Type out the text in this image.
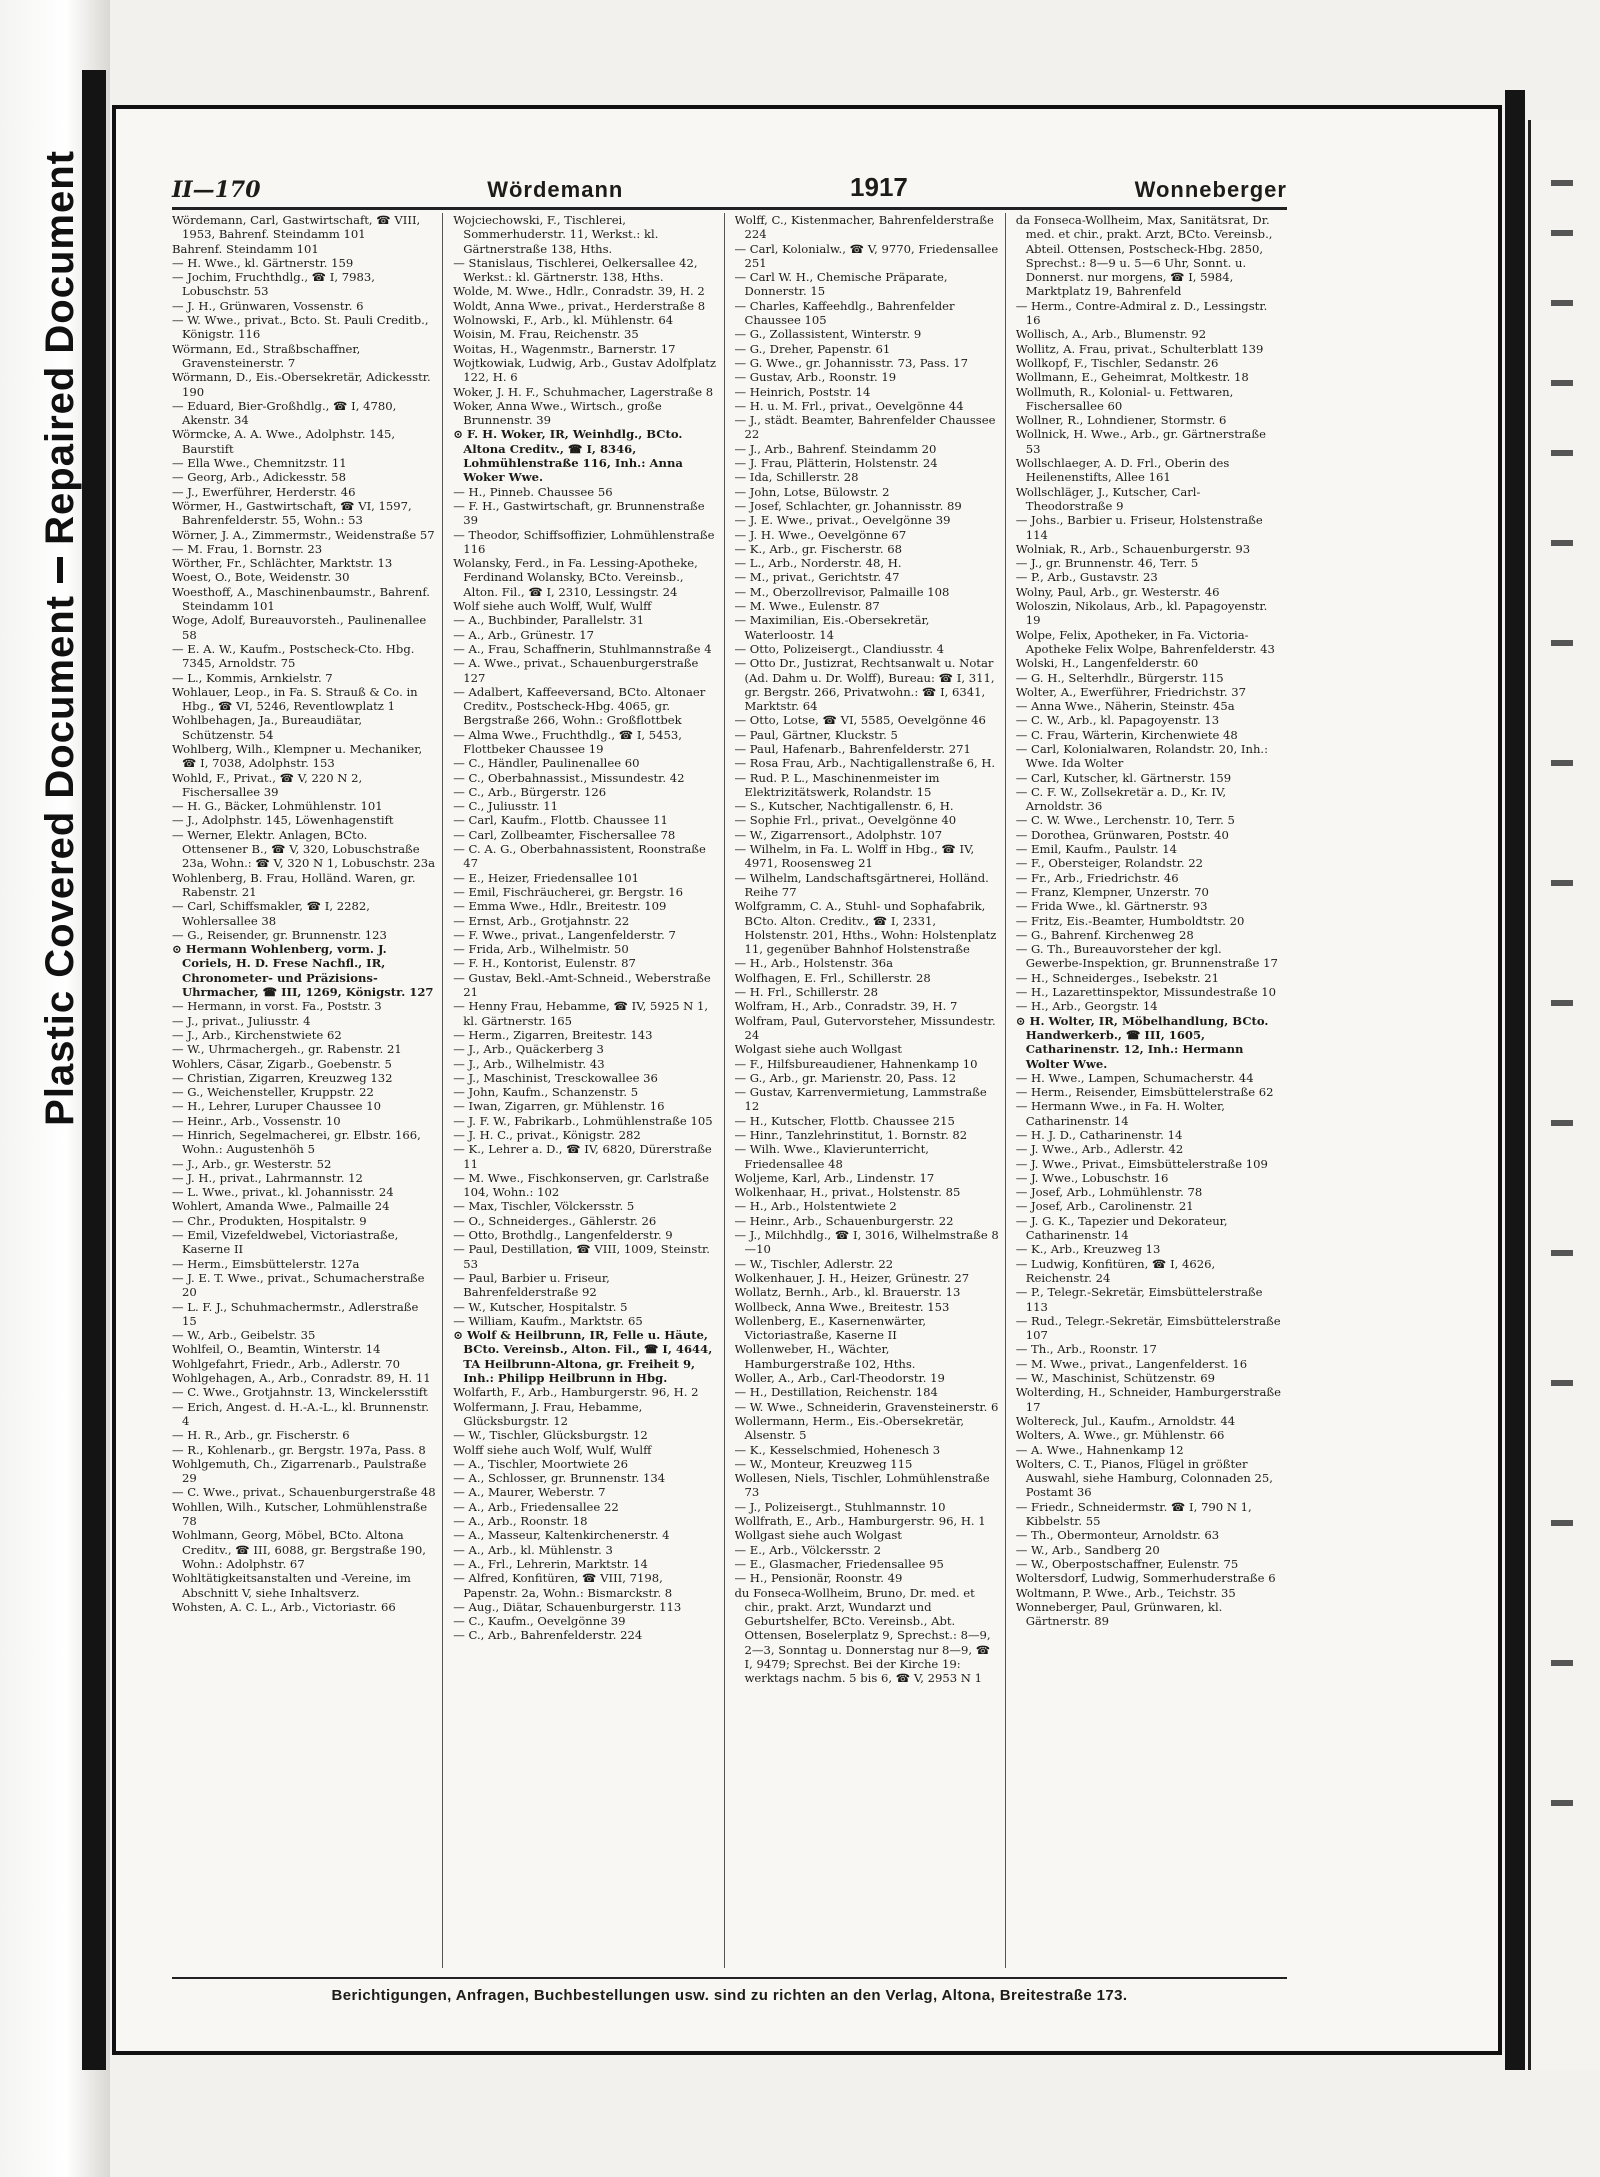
Repaired Document
Plastic Covered Document
II—170	Wördemann	1917	Wonneberger

Wördemann, Carl, Gastwirtschaft, ☎ VIII, 1953, Bahrenf. Steindamm 101

Bahrenf. Steindamm 101

— H. Wwe., kl. Gärtnerstr. 159

— Jochim, Fruchthdlg., ☎ I, 7983, Lobuschstr. 53

— J. H., Grünwaren, Vossenstr. 6

— W. Wwe., privat., Bcto. St. Pauli Creditb., Königstr. 116

Wörmann, Ed., Straßbschaffner, Gravensteinerstr. 7

Wörmann, D., Eis.-Obersekretär, Adickesstr. 190

— Eduard, Bier-Großhdlg., ☎ I, 4780, Akenstr. 34

Wörmcke, A. A. Wwe., Adolphstr. 145, Baurstift

— Ella Wwe., Chemnitzstr. 11

— Georg, Arb., Adickesstr. 58

— J., Ewerführer, Herderstr. 46

Wörmer, H., Gastwirtschaft, ☎ VI, 1597, Bahrenfelderstr. 55, Wohn.: 53

Wörner, J. A., Zimmermstr., Weidenstraße 57

— M. Frau, 1. Bornstr. 23

Wörther, Fr., Schlächter, Marktstr. 13

Woest, O., Bote, Weidenstr. 30

Woesthoff, A., Maschinenbaumstr., Bahrenf. Steindamm 101

Woge, Adolf, Bureauvorsteh., Paulinenallee 58

— E. A. W., Kaufm., Postscheck-Cto. Hbg. 7345, Arnoldstr. 75

— L., Kommis, Arnkielstr. 7

Wohlauer, Leop., in Fa. S. Strauß & Co. in Hbg., ☎ VI, 5246, Reventlowplatz 1

Wohlbehagen, Ja., Bureaudiätar, Schützenstr. 54

Wohlberg, Wilh., Klempner u. Mechaniker, ☎ I, 7038, Adolphstr. 153

Wohld, F., Privat., ☎ V, 220 N 2, Fischersallee 39

— H. G., Bäcker, Lohmühlenstr. 101

— J., Adolphstr. 145, Löwenhagenstift

— Werner, Elektr. Anlagen, BCto. Ottensener B., ☎ V, 320, Lobuschstraße 23a, Wohn.: ☎ V, 320 N 1, Lobuschstr. 23a

Wohlenberg, B. Frau, Holländ. Waren, gr. Rabenstr. 21

— Carl, Schiffsmakler, ☎ I, 2282, Wohlersallee 38

— G., Reisender, gr. Brunnenstr. 123

⊙ Hermann Wohlenberg, vorm. J. Coriels, H. D. Frese Nachfl., IR, Chronometer- und Präzisions-Uhrmacher, ☎ III, 1269, Königstr. 127

— Hermann, in vorst. Fa., Poststr. 3

— J., privat., Juliusstr. 4

— J., Arb., Kirchenstwiete 62

— W., Uhrmachergeh., gr. Rabenstr. 21

Wohlers, Cäsar, Zigarb., Goebenstr. 5

— Christian, Zigarren, Kreuzweg 132

— G., Weichensteller, Kruppstr. 22

— H., Lehrer, Luruper Chaussee 10

— Heinr., Arb., Vossenstr. 10

— Hinrich, Segelmacherei, gr. Elbstr. 166, Wohn.: Augustenhöh 5

— J., Arb., gr. Westerstr. 52

— J. H., privat., Lahrmannstr. 12

— L. Wwe., privat., kl. Johannisstr. 24

Wohlert, Amanda Wwe., Palmaille 24

— Chr., Produkten, Hospitalstr. 9

— Emil, Vizefeldwebel, Victoriastraße, Kaserne II

— Herm., Eimsbüttelerstr. 127a

— J. E. T. Wwe., privat., Schumacherstraße 20

— L. F. J., Schuhmachermstr., Adlerstraße 15

— W., Arb., Geibelstr. 35

Wohlfeil, O., Beamtin, Winterstr. 14

Wohlgefahrt, Friedr., Arb., Adlerstr. 70

Wohlgehagen, A., Arb., Conradstr. 89, H. 11

— C. Wwe., Grotjahnstr. 13, Winckelersstift

— Erich, Angest. d. H.-A.-L., kl. Brunnenstr. 4

— H. R., Arb., gr. Fischerstr. 6

— R., Kohlenarb., gr. Bergstr. 197a, Pass. 8

Wohlgemuth, Ch., Zigarrenarb., Paulstraße 29

— C. Wwe., privat., Schauenburgerstraße 48

Wohllen, Wilh., Kutscher, Lohmühlenstraße 78

Wohlmann, Georg, Möbel, BCto. Altona Creditv., ☎ III, 6088, gr. Bergstraße 190, Wohn.: Adolphstr. 67

Wohltätigkeitsanstalten und -Vereine, im Abschnitt V, siehe Inhaltsverz.

Wohsten, A. C. L., Arb., Victoriastr. 66

Wojciechowski, F., Tischlerei, Sommerhuderstr. 11, Werkst.: kl. Gärtnerstraße 138, Hths.

— Stanislaus, Tischlerei, Oelkersallee 42, Werkst.: kl. Gärtnerstr. 138, Hths.

Wolde, M. Wwe., Hdlr., Conradstr. 39, H. 2

Woldt, Anna Wwe., privat., Herderstraße 8

Wolnowski, F., Arb., kl. Mühlenstr. 64

Woisin, M. Frau, Reichenstr. 35

Woitas, H., Wagenmstr., Barnerstr. 17

Wojtkowiak, Ludwig, Arb., Gustav Adolfplatz 122, H. 6

Woker, J. H. F., Schuhmacher, Lagerstraße 8

Woker, Anna Wwe., Wirtsch., große Brunnenstr. 39

⊙ F. H. Woker, IR, Weinhdlg., BCto. Altona Creditv., ☎ I, 8346, Lohmühlenstraße 116, Inh.: Anna Woker Wwe.

— H., Pinneb. Chaussee 56

— F. H., Gastwirtschaft, gr. Brunnenstraße 39

— Theodor, Schiffsoffizier, Lohmühlenstraße 116

Wolansky, Ferd., in Fa. Lessing-Apotheke, Ferdinand Wolansky, BCto. Vereinsb., Alton. Fil., ☎ I, 2310, Lessingstr. 24

Wolf siehe auch Wolff, Wulf, Wulff

— A., Buchbinder, Parallelstr. 31

— A., Arb., Grünestr. 17

— A., Frau, Schaffnerin, Stuhlmannstraße 4

— A. Wwe., privat., Schauenburgerstraße 127

— Adalbert, Kaffeeversand, BCto. Altonaer Creditv., Postscheck-Hbg. 4065, gr. Bergstraße 266, Wohn.: Großflottbek

— Alma Wwe., Fruchthdlg., ☎ I, 5453, Flottbeker Chaussee 19

— C., Händler, Paulinenallee 60

— C., Oberbahnassist., Missundestr. 42

— C., Arb., Bürgerstr. 126

— C., Juliusstr. 11

— Carl, Kaufm., Flottb. Chaussee 11

— Carl, Zollbeamter, Fischersallee 78

— C. A. G., Oberbahnassistent, Roonstraße 47

— E., Heizer, Friedensallee 101

— Emil, Fischräucherei, gr. Bergstr. 16

— Emma Wwe., Hdlr., Breitestr. 109

— Ernst, Arb., Grotjahnstr. 22

— F. Wwe., privat., Langenfelderstr. 7

— Frida, Arb., Wilhelmistr. 50

— F. H., Kontorist, Eulenstr. 87

— Gustav, Bekl.-Amt-Schneid., Weberstraße 21

— Henny Frau, Hebamme, ☎ IV, 5925 N 1, kl. Gärtnerstr. 165

— Herm., Zigarren, Breitestr. 143

— J., Arb., Quäckerberg 3

— J., Arb., Wilhelmistr. 43

— J., Maschinist, Tresckowallee 36

— John, Kaufm., Schanzenstr. 5

— Iwan, Zigarren, gr. Mühlenstr. 16

— J. F. W., Fabrikarb., Lohmühlenstraße 105

— J. H. C., privat., Königstr. 282

— K., Lehrer a. D., ☎ IV, 6820, Dürerstraße 11

— M. Wwe., Fischkonserven, gr. Carlstraße 104, Wohn.: 102

— Max, Tischler, Völckersstr. 5

— O., Schneiderges., Gählerstr. 26

— Otto, Brothdlg., Langenfelderstr. 9

— Paul, Destillation, ☎ VIII, 1009, Steinstr. 53

— Paul, Barbier u. Friseur, Bahrenfelderstraße 92

— W., Kutscher, Hospitalstr. 5

— William, Kaufm., Marktstr. 65

⊙ Wolf & Heilbrunn, IR, Felle u. Häute, BCto. Vereinsb., Alton. Fil., ☎ I, 4644, TA Heilbrunn-Altona, gr. Freiheit 9, Inh.: Philipp Heilbrunn in Hbg.

Wolfarth, F., Arb., Hamburgerstr. 96, H. 2

Wolfermann, J. Frau, Hebamme, Glücksburgstr. 12

— W., Tischler, Glücksburgstr. 12

Wolff siehe auch Wolf, Wulf, Wulff

— A., Tischler, Moortwiete 26

— A., Schlosser, gr. Brunnenstr. 134

— A., Maurer, Weberstr. 7

— A., Arb., Friedensallee 22

— A., Arb., Roonstr. 18

— A., Masseur, Kaltenkirchenerstr. 4

— A., Arb., kl. Mühlenstr. 3

— A., Frl., Lehrerin, Marktstr. 14

— Alfred, Konfitüren, ☎ VIII, 7198, Papenstr. 2a, Wohn.: Bismarckstr. 8

— Aug., Diätar, Schauenburgerstr. 113

— C., Kaufm., Oevelgönne 39

— C., Arb., Bahrenfelderstr. 224

Wolff, C., Kistenmacher, Bahrenfelderstraße 224

— Carl, Kolonialw., ☎ V, 9770, Friedensallee 251

— Carl W. H., Chemische Präparate, Donnerstr. 15

— Charles, Kaffeehdlg., Bahrenfelder Chaussee 105

— G., Zollassistent, Winterstr. 9

— G., Dreher, Papenstr. 61

— G. Wwe., gr. Johannisstr. 73, Pass. 17

— Gustav, Arb., Roonstr. 19

— Heinrich, Poststr. 14

— H. u. M. Frl., privat., Oevelgönne 44

— J., städt. Beamter, Bahrenfelder Chaussee 22

— J., Arb., Bahrenf. Steindamm 20

— J. Frau, Plätterin, Holstenstr. 24

— Ida, Schillerstr. 28

— John, Lotse, Bülowstr. 2

— Josef, Schlachter, gr. Johannisstr. 89

— J. E. Wwe., privat., Oevelgönne 39

— J. H. Wwe., Oevelgönne 67

— K., Arb., gr. Fischerstr. 68

— L., Arb., Norderstr. 48, H.

— M., privat., Gerichtstr. 47

— M., Oberzollrevisor, Palmaille 108

— M. Wwe., Eulenstr. 87

— Maximilian, Eis.-Obersekretär, Waterloostr. 14

— Otto, Polizeisergt., Clandiusstr. 4

— Otto Dr., Justizrat, Rechtsanwalt u. Notar (Ad. Dahm u. Dr. Wolff), Bureau: ☎ I, 311, gr. Bergstr. 266, Privatwohn.: ☎ I, 6341, Marktstr. 64

— Otto, Lotse, ☎ VI, 5585, Oevelgönne 46

— Paul, Gärtner, Kluckstr. 5

— Paul, Hafenarb., Bahrenfelderstr. 271

— Rosa Frau, Arb., Nachtigallenstraße 6, H.

— Rud. P. L., Maschinenmeister im Elektrizitätswerk, Rolandstr. 15

— S., Kutscher, Nachtigallenstr. 6, H.

— Sophie Frl., privat., Oevelgönne 40

— W., Zigarrensort., Adolphstr. 107

— Wilhelm, in Fa. L. Wolff in Hbg., ☎ IV, 4971, Roosensweg 21

— Wilhelm, Landschaftsgärtnerei, Holländ. Reihe 77

Wolfgramm, C. A., Stuhl- und Sophafabrik, BCto. Alton. Creditv., ☎ I, 2331, Holstenstr. 201, Hths., Wohn: Holstenplatz 11, gegenüber Bahnhof Holstenstraße

— H., Arb., Holstenstr. 36a

Wolfhagen, E. Frl., Schillerstr. 28

— H. Frl., Schillerstr. 28

Wolfram, H., Arb., Conradstr. 39, H. 7

Wolfram, Paul, Gutervorsteher, Missundestr. 24

Wolgast siehe auch Wollgast

— F., Hilfsbureaudiener, Hahnenkamp 10

— G., Arb., gr. Marienstr. 20, Pass. 12

— Gustav, Karrenvermietung, Lammstraße 12

— H., Kutscher, Flottb. Chaussee 215

— Hinr., Tanzlehrinstitut, 1. Bornstr. 82

— Wilh. Wwe., Klavierunterricht, Friedensallee 48

Woljeme, Karl, Arb., Lindenstr. 17

Wolkenhaar, H., privat., Holstenstr. 85

— H., Arb., Holstentwiete 2

— Heinr., Arb., Schauenburgerstr. 22

— J., Milchhdlg., ☎ I, 3016, Wilhelmstraße 8—10

— W., Tischler, Adlerstr. 22

Wolkenhauer, J. H., Heizer, Grünestr. 27

Wollatz, Bernh., Arb., kl. Brauerstr. 13

Wollbeck, Anna Wwe., Breitestr. 153

Wollenberg, E., Kasernenwärter, Victoriastraße, Kaserne II

Wollenweber, H., Wächter, Hamburgerstraße 102, Hths.

Woller, A., Arb., Carl-Theodorstr. 19

— H., Destillation, Reichenstr. 184

— W. Wwe., Schneiderin, Gravensteinerstr. 6

Wollermann, Herm., Eis.-Obersekretär, Alsenstr. 5

— K., Kesselschmied, Hohenesch 3

— W., Monteur, Kreuzweg 115

Wollesen, Niels, Tischler, Lohmühlenstraße 73

— J., Polizeisergt., Stuhlmannstr. 10

Wollfrath, E., Arb., Hamburgerstr. 96, H. 1

Wollgast siehe auch Wolgast

— E., Arb., Völckersstr. 2

— E., Glasmacher, Friedensallee 95

— H., Pensionär, Roonstr. 49

du Fonseca-Wollheim, Bruno, Dr. med. et chir., prakt. Arzt, Wundarzt und Geburtshelfer, BCto. Vereinsb., Abt. Ottensen, Boselerplatz 9, Sprechst.: 8—9, 2—3, Sonntag u. Donnerstag nur 8—9, ☎ I, 9479; Sprechst. Bei der Kirche 19: werktags nachm. 5 bis 6, ☎ V, 2953 N 1

da Fonseca-Wollheim, Max, Sanitätsrat, Dr. med. et chir., prakt. Arzt, BCto. Vereinsb., Abteil. Ottensen, Postscheck-Hbg. 2850, Sprechst.: 8—9 u. 5—6 Uhr, Sonnt. u. Donnerst. nur morgens, ☎ I, 5984, Marktplatz 19, Bahrenfeld

— Herm., Contre-Admiral z. D., Lessingstr. 16

Wollisch, A., Arb., Blumenstr. 92

Wollitz, A. Frau, privat., Schulterblatt 139

Wollkopf, F., Tischler, Sedanstr. 26

Wollmann, E., Geheimrat, Moltkestr. 18

Wollmuth, R., Kolonial- u. Fettwaren, Fischersallee 60

Wollner, R., Lohndiener, Stormstr. 6

Wollnick, H. Wwe., Arb., gr. Gärtnerstraße 53

Wollschlaeger, A. D. Frl., Oberin des Heilenenstifts, Allee 161

Wollschläger, J., Kutscher, Carl-Theodorstraße 9

— Johs., Barbier u. Friseur, Holstenstraße 114

Wolniak, R., Arb., Schauenburgerstr. 93

— J., gr. Brunnenstr. 46, Terr. 5

— P., Arb., Gustavstr. 23

Wolny, Paul, Arb., gr. Westerstr. 46

Woloszin, Nikolaus, Arb., kl. Papagoyenstr. 19

Wolpe, Felix, Apotheker, in Fa. Victoria-Apotheke Felix Wolpe, Bahrenfelderstr. 43

Wolski, H., Langenfelderstr. 60

— G. H., Selterhdlr., Bürgerstr. 115

Wolter, A., Ewerführer, Friedrichstr. 37

— Anna Wwe., Näherin, Steinstr. 45a

— C. W., Arb., kl. Papagoyenstr. 13

— C. Frau, Wärterin, Kirchenwiete 48

— Carl, Kolonialwaren, Rolandstr. 20, Inh.: Wwe. Ida Wolter

— Carl, Kutscher, kl. Gärtnerstr. 159

— C. F. W., Zollsekretär a. D., Kr. IV, Arnoldstr. 36

— C. W. Wwe., Lerchenstr. 10, Terr. 5

— Dorothea, Grünwaren, Poststr. 40

— Emil, Kaufm., Paulstr. 14

— F., Obersteiger, Rolandstr. 22

— Fr., Arb., Friedrichstr. 46

— Franz, Klempner, Unzerstr. 70

— Frida Wwe., kl. Gärtnerstr. 93

— Fritz, Eis.-Beamter, Humboldtstr. 20

— G., Bahrenf. Kirchenweg 28

— G. Th., Bureauvorsteher der kgl. Gewerbe-Inspektion, gr. Brunnenstraße 17

— H., Schneiderges., Isebekstr. 21

— H., Lazarettinspektor, Missundestraße 10

— H., Arb., Georgstr. 14

⊙ H. Wolter, IR, Möbelhandlung, BCto. Handwerkerb., ☎ III, 1605, Catharinenstr. 12, Inh.: Hermann Wolter Wwe.

— H. Wwe., Lampen, Schumacherstr. 44

— Herm., Reisender, Eimsbüttelerstraße 62

— Hermann Wwe., in Fa. H. Wolter, Catharinenstr. 14

— H. J. D., Catharinenstr. 14

— J. Wwe., Arb., Adlerstr. 42

— J. Wwe., Privat., Eimsbüttelerstraße 109

— J. Wwe., Lobuschstr. 16

— Josef, Arb., Lohmühlenstr. 78

— Josef, Arb., Carolinenstr. 21

— J. G. K., Tapezier und Dekorateur, Catharinenstr. 14

— K., Arb., Kreuzweg 13

— Ludwig, Konfitüren, ☎ I, 4626, Reichenstr. 24

— P., Telegr.-Sekretär, Eimsbüttelerstraße 113

— Rud., Telegr.-Sekretär, Eimsbüttelerstraße 107

— Th., Arb., Roonstr. 17

— M. Wwe., privat., Langenfelderst. 16

— W., Maschinist, Schützenstr. 69

Wolterding, H., Schneider, Hamburgerstraße 17

Woltereck, Jul., Kaufm., Arnoldstr. 44

Wolters, A. Wwe., gr. Mühlenstr. 66

— A. Wwe., Hahnenkamp 12

Wolters, C. T., Pianos, Flügel in größter Auswahl, siehe Hamburg, Colonnaden 25, Postamt 36

— Friedr., Schneidermstr. ☎ I, 790 N 1, Kibbelstr. 55

— Th., Obermonteur, Arnoldstr. 63

— W., Arb., Sandberg 20

— W., Oberpostschaffner, Eulenstr. 75

Woltersdorf, Ludwig, Sommerhuderstraße 6

Woltmann, P. Wwe., Arb., Teichstr. 35

Wonneberger, Paul, Grünwaren, kl. Gärtnerstr. 89

Berichtigungen, Anfragen, Buchbestellungen usw. sind zu richten an den Verlag, Altona, Breitestraße 173.
